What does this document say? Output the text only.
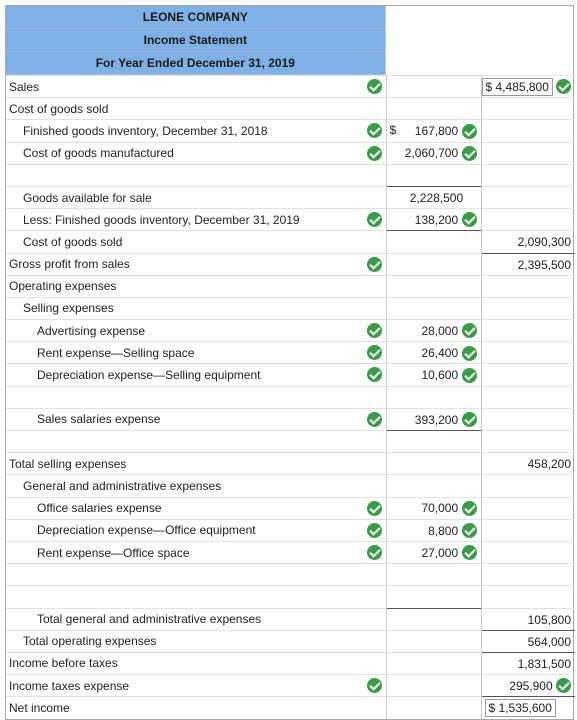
LEONE COMPANY
Income Statement
For Year Ended December 31, 2019
Sales		$ 4,485,800
Cost of goods sold		
Finished goods inventory, December 31, 2018	$ 167,800	
Cost of goods manufactured	2,060,700	

Goods available for sale	2,228,500	
Less: Finished goods inventory, December 31, 2019	138,200	
Cost of goods sold		2,090,300
Gross profit from sales		2,395,500
Operating expenses		
Selling expenses		
Advertising expense	28,000	
Rent expense—Selling space	26,400	
Depreciation expense—Selling equipment	10,600	

Sales salaries expense	393,200	

Total selling expenses		458,200
General and administrative expenses		
Office salaries expense	70,000	
Depreciation expense—Office equipment	8,800	
Rent expense—Office space	27,000	

Total general and administrative expenses		105,800
Total operating expenses		564,000
Income before taxes		1,831,500
Income taxes expense		295,900
Net income		$ 1,535,600
